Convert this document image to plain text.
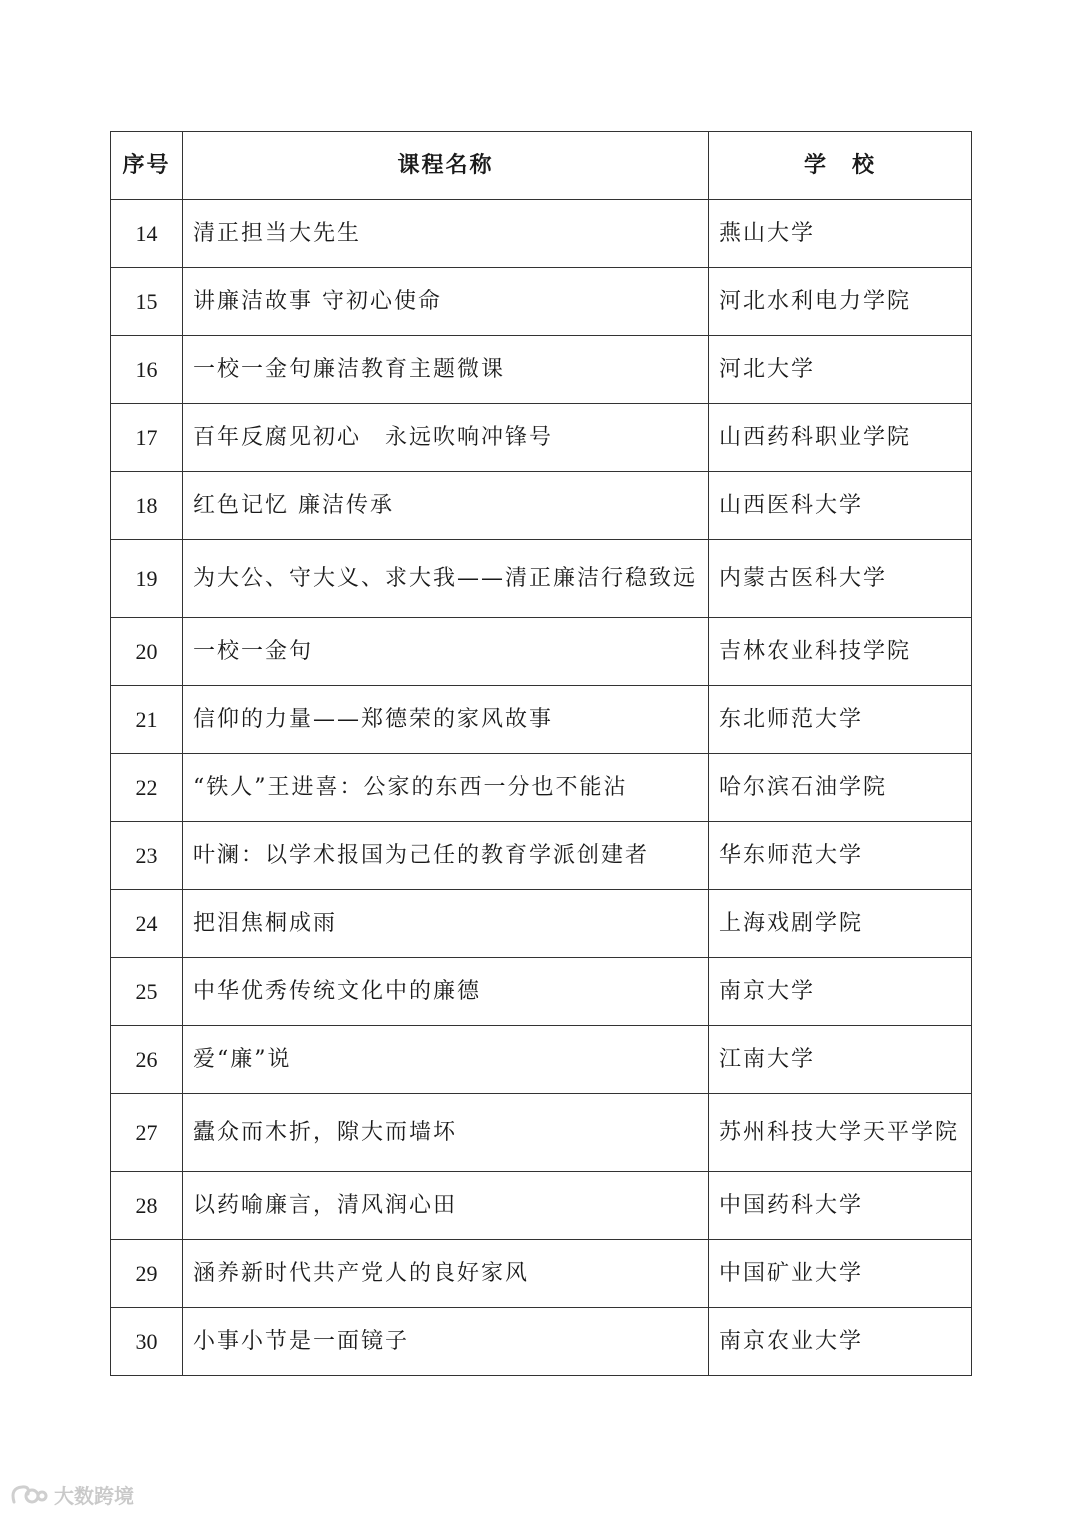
序号	课程名称	学　校
14	清正担当大先生	燕山大学
15	讲廉洁故事 守初心使命	河北水利电力学院
16	一校一金句廉洁教育主题微课	河北大学
17	百年反腐见初心　永远吹响冲锋号	山西药科职业学院
18	红色记忆 廉洁传承	山西医科大学
19	为大公、守大义、求大我——清正廉洁行稳致远	内蒙古医科大学
20	一校一金句	吉林农业科技学院
21	信仰的力量——郑德荣的家风故事	东北师范大学
22	“铁人”王进喜：公家的东西一分也不能沾	哈尔滨石油学院
23	叶澜：以学术报国为己任的教育学派创建者	华东师范大学
24	把泪焦桐成雨	上海戏剧学院
25	中华优秀传统文化中的廉德	南京大学
26	爱“廉”说	江南大学
27	蠹众而木折，隙大而墙坏	苏州科技大学天平学院
28	以药喻廉言，清风润心田	中国药科大学
29	涵养新时代共产党人的良好家风	中国矿业大学
30	小事小节是一面镜子	南京农业大学
大数跨境
